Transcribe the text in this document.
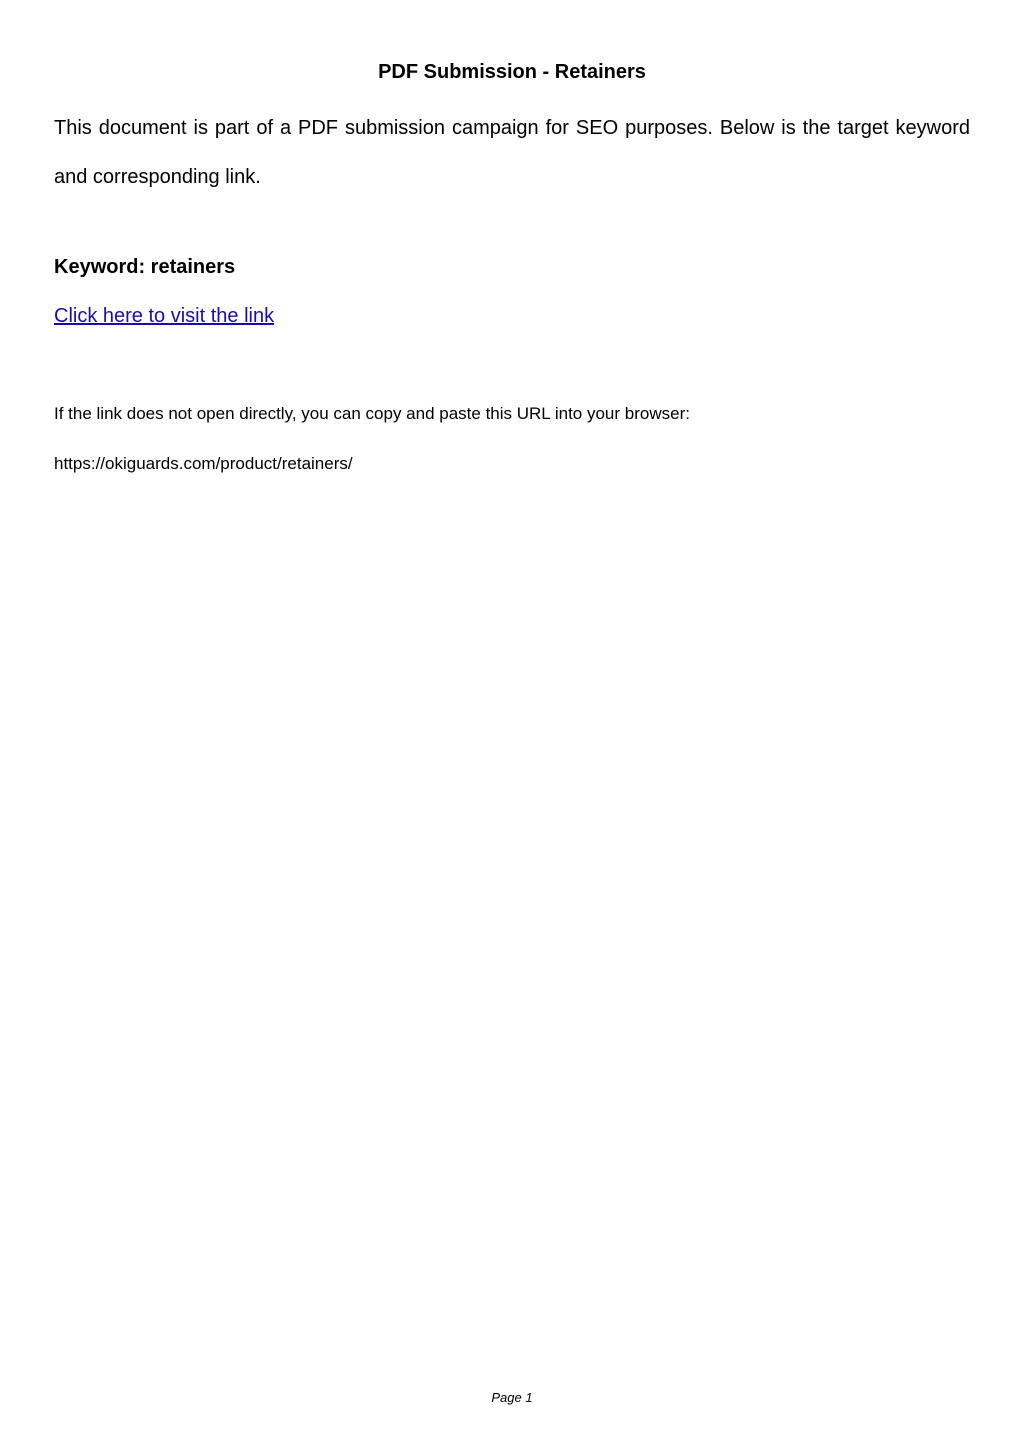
PDF Submission - Retainers

This document is part of a PDF submission campaign for SEO purposes. Below is the target keyword and corresponding link.

Keyword: retainers
Click here to visit the link
If the link does not open directly, you can copy and paste this URL into your browser:
https://okiguards.com/product/retainers/
Page 1
